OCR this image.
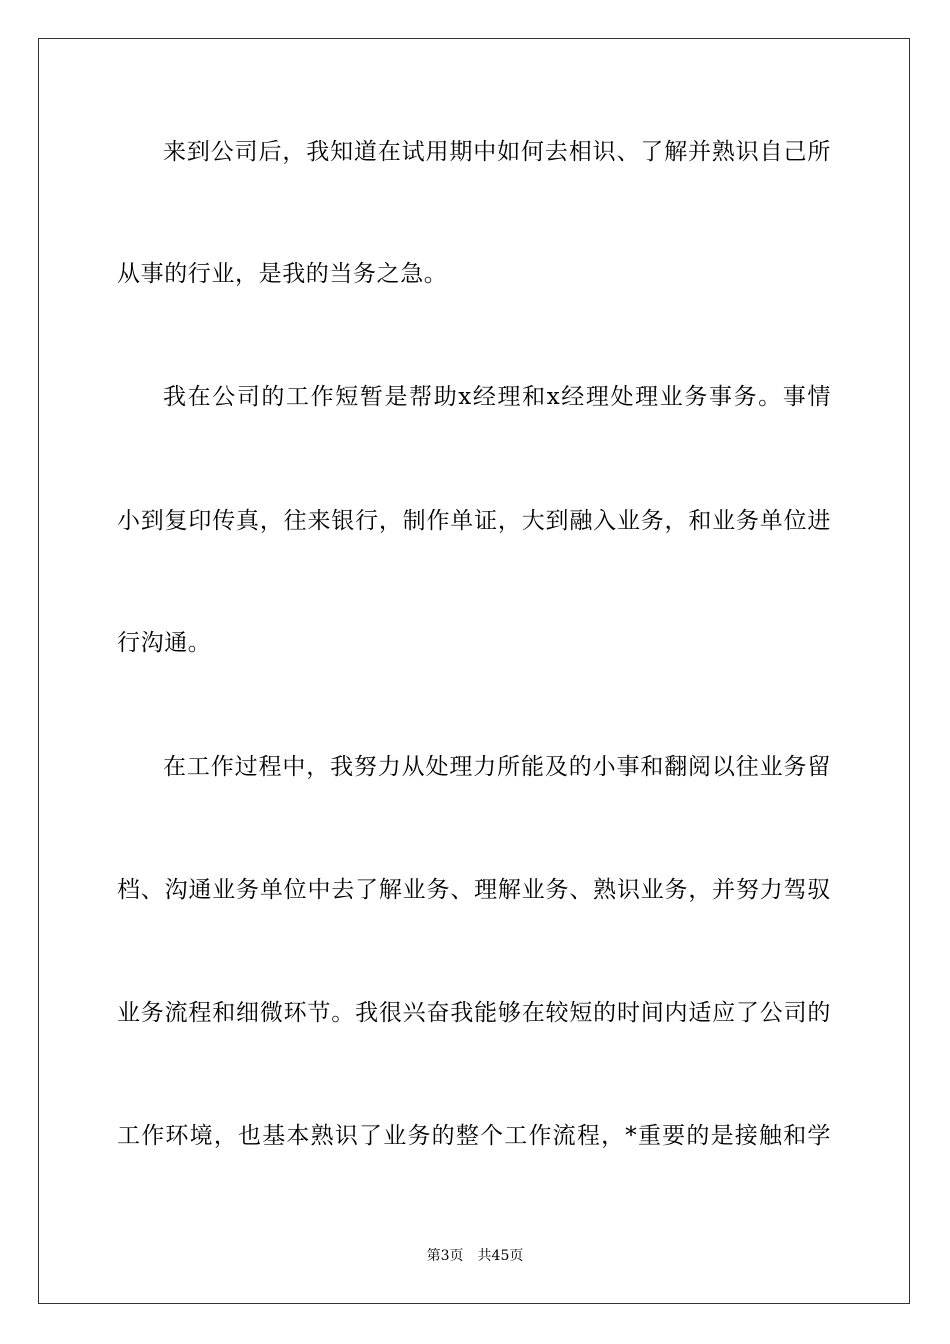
来到公司后，我知道在试用期中如何去相识、了解并熟识自己所
从事的行业，是我的当务之急。
我在公司的工作短暂是帮助x经理和x经理处理业务事务。事情
小到复印传真，往来银行，制作单证，大到融入业务，和业务单位进
行沟通。
在工作过程中，我努力从处理力所能及的小事和翻阅以往业务留
档、沟通业务单位中去了解业务、理解业务、熟识业务，并努力驾驭
业务流程和细微环节。我很兴奋我能够在较短的时间内适应了公司的
工作环境，也基本熟识了业务的整个工作流程，*重要的是接触和学
第3页 共45页
